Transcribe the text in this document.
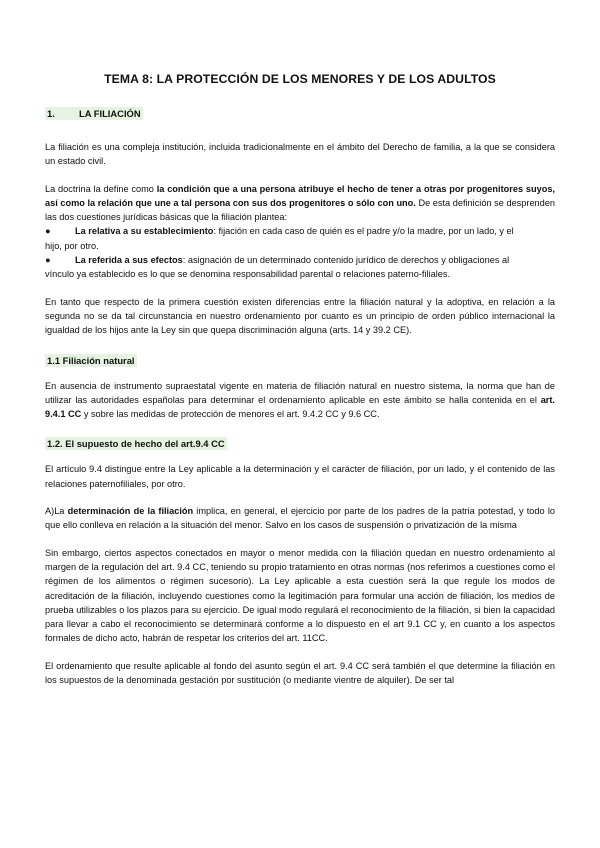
TEMA 8: LA PROTECCIÓN DE LOS MENORES Y DE LOS ADULTOS
1.	LA FILIACIÓN

La filiación es una compleja institución, incluida tradicionalmente en el ámbito del Derecho de familia, a la que se considera un estado civil.

La doctrina la define como la condición que a una persona atribuye el hecho de tener a otras por progenitores suyos, así como la relación que une a tal persona con sus dos progenitores o sólo con uno. De esta definición se desprenden las dos cuestiones jurídicas básicas que la filiación plantea:

●	La relativa a su establecimiento: fijación en cada caso de quién es el padre y/o la madre, por un lado, y el
hijo, por otro.
●	La referida a sus efectos: asignación de un determinado contenido jurídico de derechos y obligaciones al
vínculo ya establecido es lo que se denomina responsabilidad parental o relaciones paterno-filiales.

En tanto que respecto de la primera cuestión existen diferencias entre la filiación natural y la adoptiva, en relación a la segunda no se da tal circunstancia en nuestro ordenamiento por cuanto es un principio de orden público internacional la igualdad de los hijos ante la Ley sin que quepa discriminación alguna (arts. 14 y 39.2 CE).

1.1 Filiación natural

En ausencia de instrumento supraestatal vigente en materia de filiación natural en nuestro sistema, la norma que han de utilizar las autoridades españolas para determinar el ordenamiento aplicable en este ámbito se halla contenida en el art. 9.4.1 CC y sobre las medidas de protección de menores el art. 9.4.2 CC y 9.6 CC.

1.2. El supuesto de hecho del art.9.4 CC

El artículo 9.4 distingue entre la Ley aplicable a la determinación y el carácter de filiación, por un lado, y el contenido de las relaciones paternofiliales, por otro.

A)La determinación de la filiación implica, en general, el ejercicio por parte de los padres de la patria potestad, y todo lo que ello conlleva en relación a la situación del menor. Salvo en los casos de suspensión o privatización de la misma

Sin embargo, ciertos aspectos conectados en mayor o menor medida con la filiación quedan en nuestro ordenamiento al margen de la regulación del art. 9.4 CC, teniendo su propio tratamiento en otras normas (nos referimos a cuestiones como el régimen de los alimentos o régimen sucesorio). La Ley aplicable a esta cuestión será la que regule los modos de acreditación de la filiación, incluyendo cuestiones como la legitimación para formular una acción de filiación, los medios de prueba utilizables o los plazos para su ejercicio. De igual modo regulará el reconocimiento de la filiación, si bien la capacidad para llevar a cabo el reconocimiento se determinará conforme a lo dispuesto en el art 9.1 CC y, en cuanto a los aspectos formales de dicho acto, habrán de respetar los criterios del art. 11CC.

El ordenamiento que resulte aplicable al fondo del asunto según el art. 9.4 CC será también el que determine la filiación en los supuestos de la denominada gestación por sustitución (o mediante vientre de alquiler). De ser tal
